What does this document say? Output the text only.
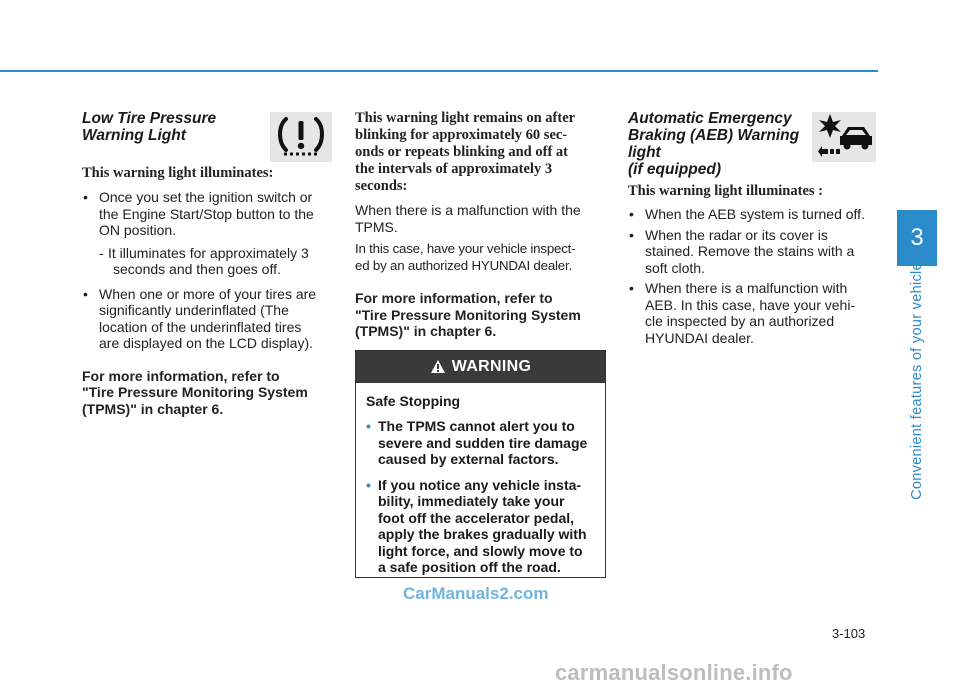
3
Convenient features of your vehicle
Low Tire Pressure
Warning Light
This warning light illuminates:
• Once you set the ignition switch or
the Engine Start/Stop button to the
ON position.
- It illuminates for approximately 3
seconds and then goes off.
• When one or more of your tires are
significantly underinflated (The
location of the underinflated tires
are displayed on the LCD display).
For more information, refer to
"Tire Pressure Monitoring System
(TPMS)" in chapter 6.
This warning light remains on after
blinking for approximately 60 sec-
onds or repeats blinking and off at
the intervals of approximately 3
seconds:
When there is a malfunction with the
TPMS.
In this case, have your vehicle inspect-
ed by an authorized HYUNDAI dealer.
For more information, refer to
"Tire Pressure Monitoring System
(TPMS)" in chapter 6.
WARNING
Safe Stopping
• The TPMS cannot alert you to
severe and sudden tire damage
caused by external factors.
• If you notice any vehicle insta-
bility, immediately take your
foot off the accelerator pedal,
apply the brakes gradually with
light force, and slowly move to
a safe position off the road.
Automatic Emergency
Braking (AEB) Warning
light
(if equipped)
This warning light illuminates :
• When the AEB system is turned off.
• When the radar or its cover is
stained. Remove the stains with a
soft cloth.
• When there is a malfunction with
AEB. In this case, have your vehi-
cle inspected by an authorized
HYUNDAI dealer.
CarManuals2.com
3-103
carmanualsonline.info
